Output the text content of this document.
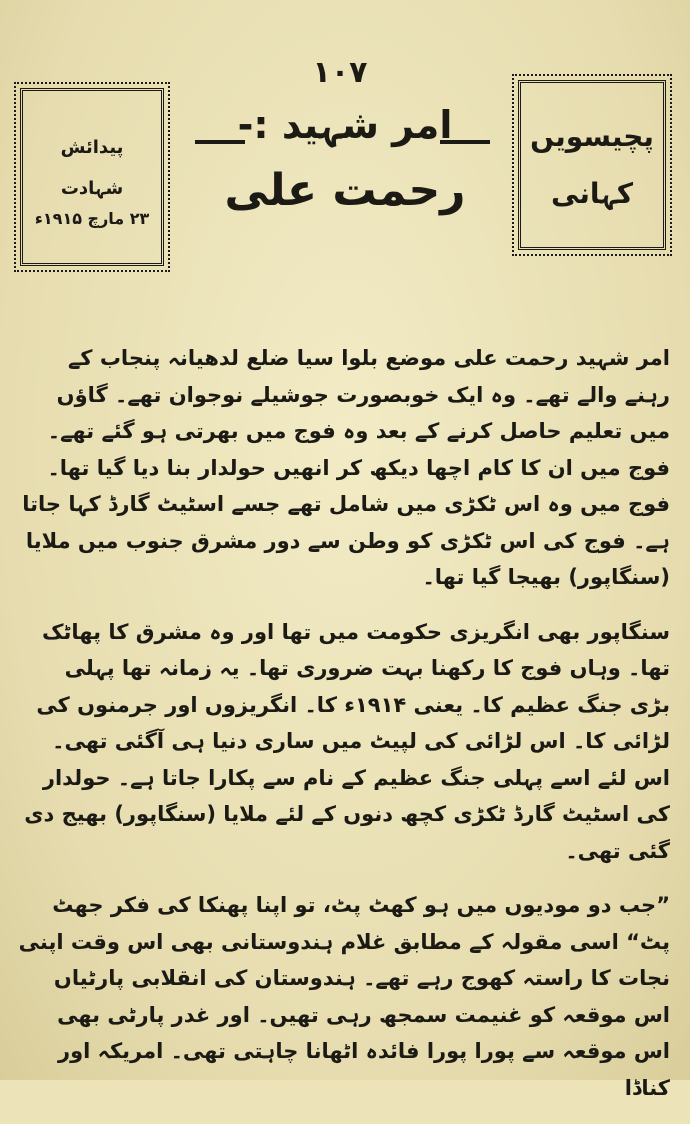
۱۰۷
پیدائش
شہادت
۲۳ مارچ ۱۹۱۵ء
پچیسویں
کہانی
امر شہید :-
رحمت علی

امر شہید رحمت علی موضع بلوا سیا ضلع لدھیانہ پنجاب کے رہنے والے تھے۔ وہ ایک خوبصورت جوشیلے نوجوان تھے۔ گاؤں میں تعلیم حاصل کرنے کے بعد وہ فوج میں بھرتی ہو گئے تھے۔ فوج میں ان کا کام اچھا دیکھ کر انھیں حولدار بنا دیا گیا تھا۔ فوج میں وہ اس ٹکڑی میں شامل تھے جسے اسٹیٹ گارڈ کہا جاتا ہے۔ فوج کی اس ٹکڑی کو وطن سے دور مشرق جنوب میں ملایا (سنگاپور) بھیجا گیا تھا۔

سنگاپور بھی انگریزی حکومت میں تھا اور وہ مشرق کا پھاٹک تھا۔ وہاں فوج کا رکھنا بہت ضروری تھا۔ یہ زمانہ تھا پہلی بڑی جنگ عظیم کا۔ یعنی ۱۹۱۴ء کا۔ انگریزوں اور جرمنوں کی لڑائی کا۔ اس لڑائی کی لپیٹ میں ساری دنیا ہی آگئی تھی۔ اس لئے اسے پہلی جنگ عظیم کے نام سے پکارا جاتا ہے۔ حولدار کی اسٹیٹ گارڈ ٹکڑی کچھ دنوں کے لئے ملایا (سنگاپور) بھیج دی گئی تھی۔

”جب دو مودیوں میں ہو کھٹ پٹ، تو اپنا پھنکا کی فکر جھٹ پٹ“ اسی مقولہ کے مطابق غلام ہندوستانی بھی اس وقت اپنی نجات کا راستہ کھوج رہے تھے۔ ہندوستان کی انقلابی پارٹیاں اس موقعہ کو غنیمت سمجھ رہی تھیں۔ اور غدر پارٹی بھی اس موقعہ سے پورا پورا فائدہ اٹھانا چاہتی تھی۔ امریکہ اور کناڈا
